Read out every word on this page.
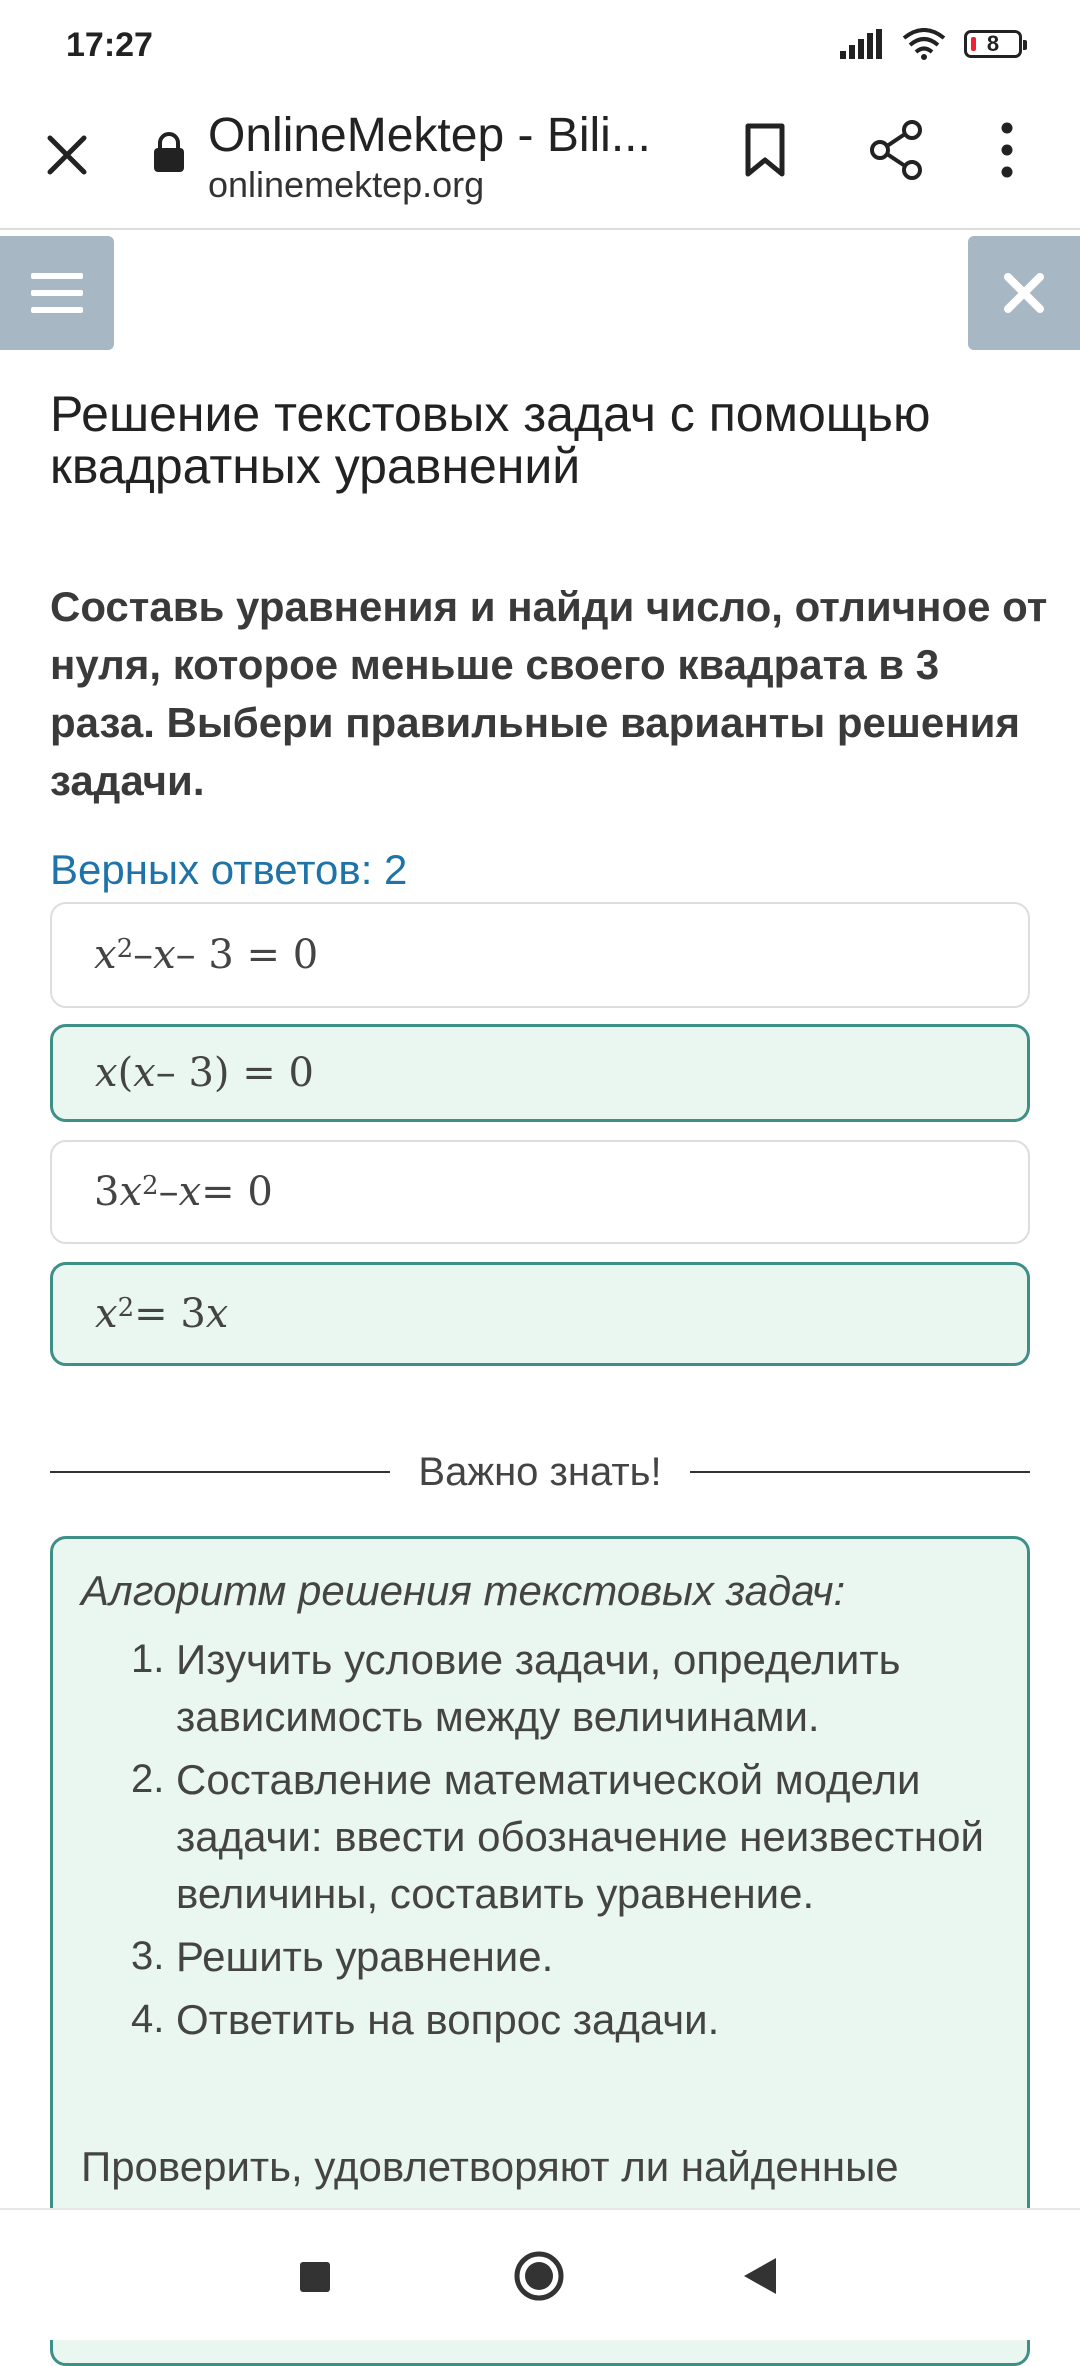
17:27	8
OnlineMektep - Bili...
onlinemektep.org
Решение текстовых задач с помощью квадратных уравнений
Составь уравнения и найди число, отличное от нуля, которое меньше своего квадрата в 3 раза. Выбери правильные варианты решения задачи.
Верных ответов: 2
$x^2 - x - 3 = 0$
x ( x – 3) = 0
3 $x^2 - x = 0$
$x^2 = 3$ x
Важно знать!
Алгоритм решения текстовых задач:
1. Изучить условие задачи, определить зависимость между величинами.
2. Составление математической модели задачи: ввести обозначение неизвестной величины, составить уравнение.
3. Решить уравнение.
4. Ответить на вопрос задачи.
Проверить, удовлетворяют ли найденные
